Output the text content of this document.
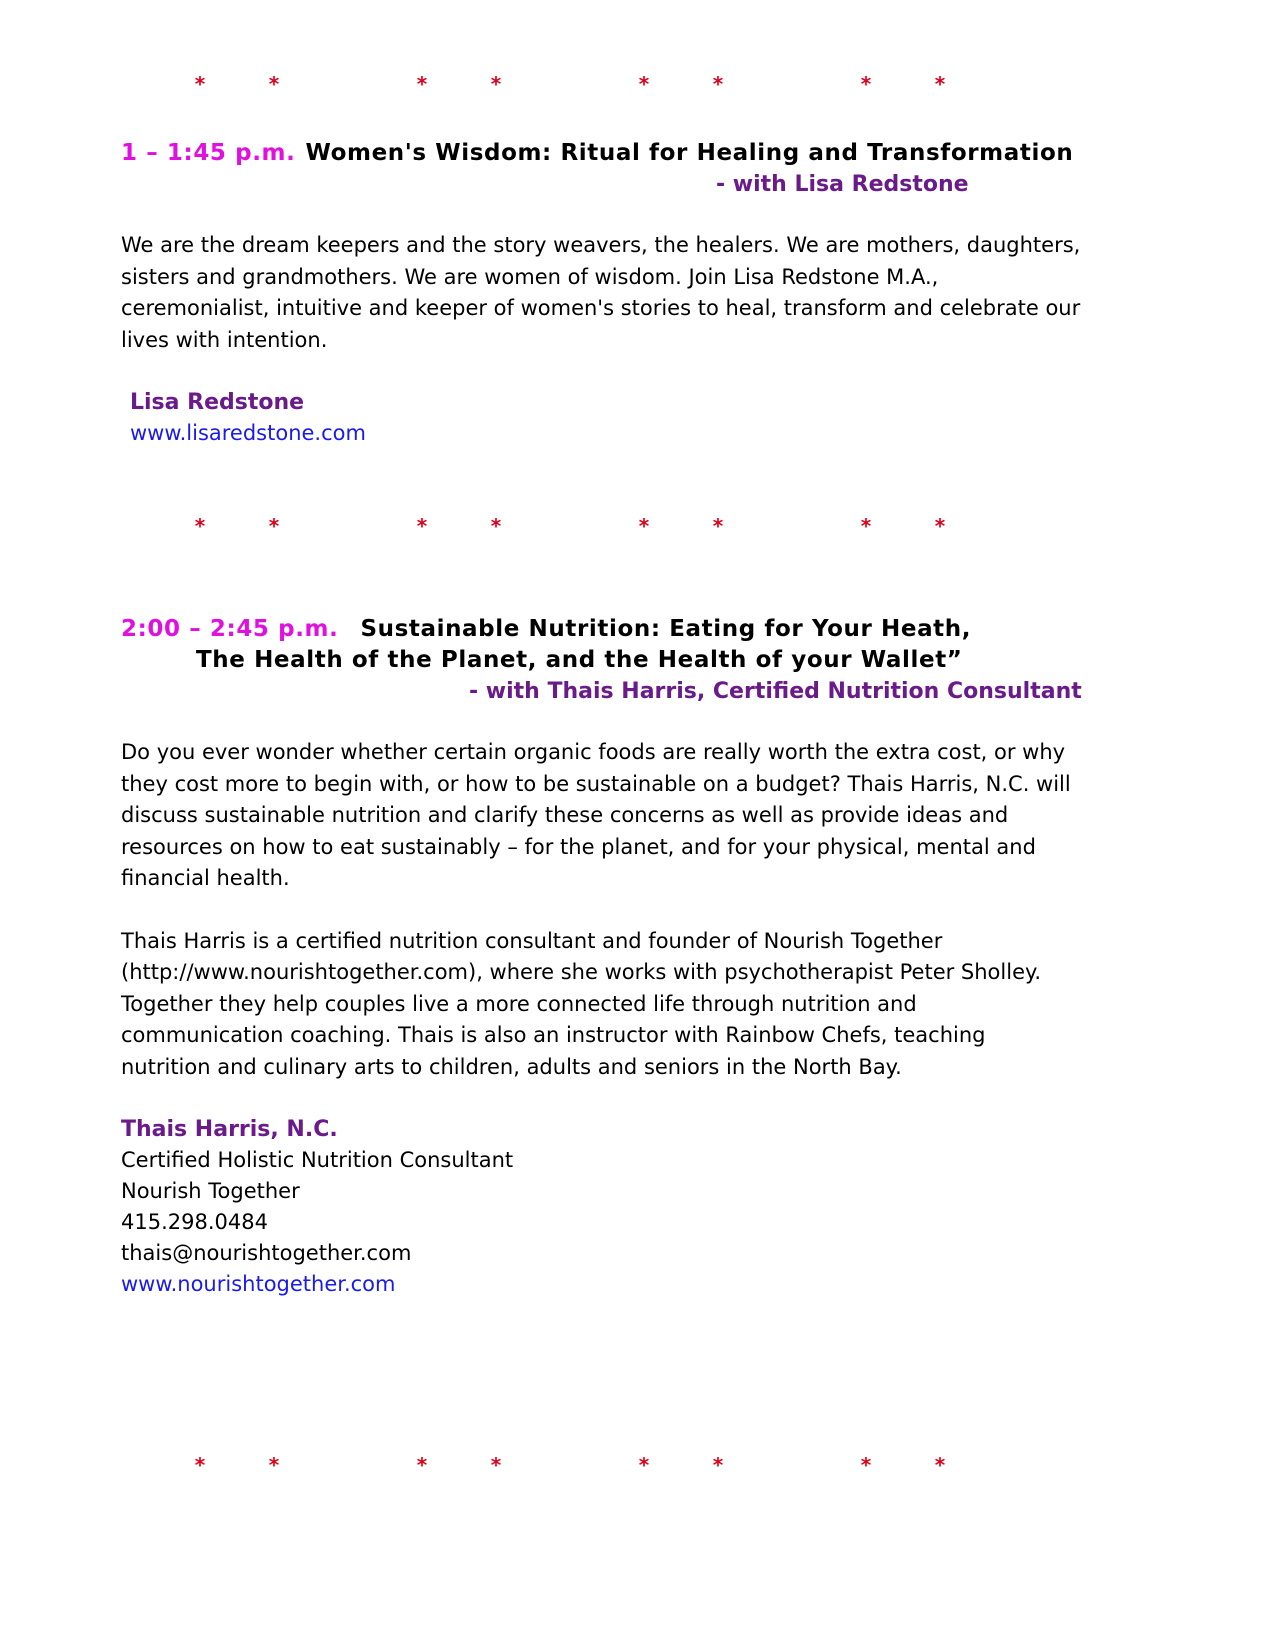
*	*	*	*	*	*	*	*
1 – 1:45 p.m. Women's Wisdom: Ritual for Healing and Transformation
- with Lisa Redstone

We are the dream keepers and the story weavers, the healers. We are mothers, daughters, sisters and grandmothers. We are women of wisdom. Join Lisa Redstone M.A., ceremonialist, intuitive and keeper of women's stories to heal, transform and celebrate our lives with intention.

Lisa Redstone

www.lisaredstone.com

*	*	*	*	*	*	*	*
2:00 – 2:45 p.m. Sustainable Nutrition: Eating for Your Heath,
The Health of the Planet, and the Health of your Wallet”
- with Thais Harris, Certified Nutrition Consultant

Do you ever wonder whether certain organic foods are really worth the extra cost, or why they cost more to begin with, or how to be sustainable on a budget? Thais Harris, N.C. will discuss sustainable nutrition and clarify these concerns as well as provide ideas and resources on how to eat sustainably – for the planet, and for your physical, mental and financial health.

Thais Harris is a certified nutrition consultant and founder of Nourish Together (http://www.nourishtogether.com), where she works with psychotherapist Peter Sholley. Together they help couples live a more connected life through nutrition and communication coaching. Thais is also an instructor with Rainbow Chefs, teaching nutrition and culinary arts to children, adults and seniors in the North Bay.

Thais Harris, N.C.

Certified Holistic Nutrition Consultant

Nourish Together

415.298.0484

thais@nourishtogether.com

www.nourishtogether.com

*	*	*	*	*	*	*	*
